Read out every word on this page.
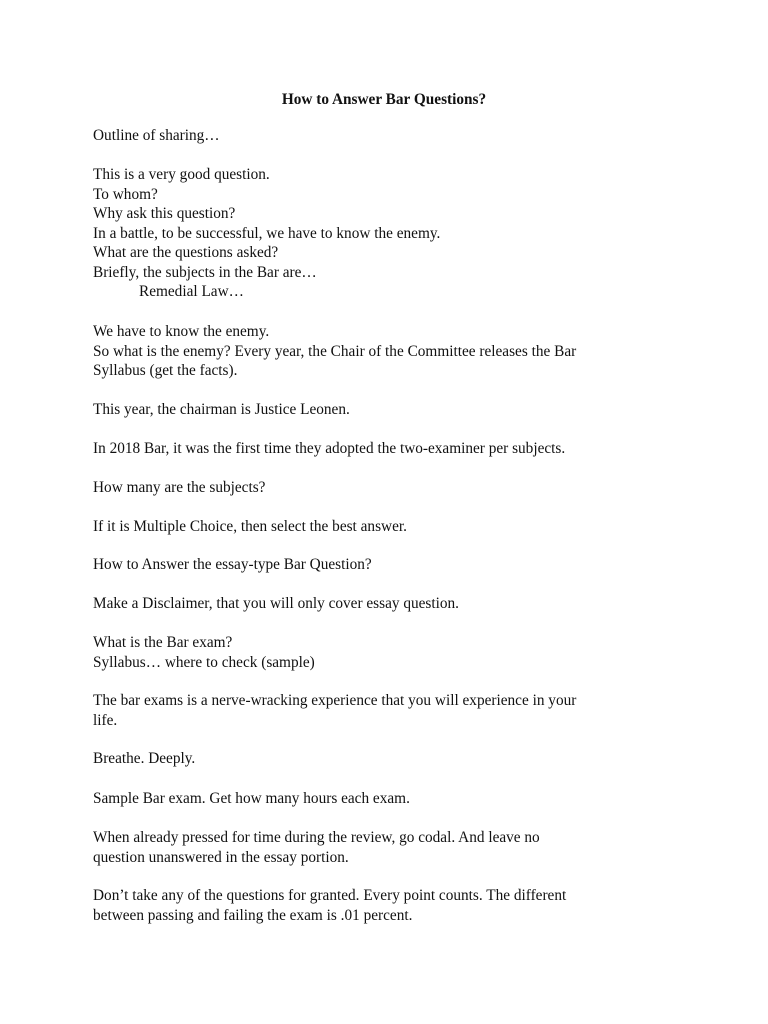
How to Answer Bar Questions?
Outline of sharing…
This is a very good question.
To whom?
Why ask this question?
In a battle, to be successful, we have to know the enemy.
What are the questions asked?
Briefly, the subjects in the Bar are…
Remedial Law…
We have to know the enemy.
So what is the enemy? Every year, the Chair of the Committee releases the Bar
Syllabus (get the facts).
This year, the chairman is Justice Leonen.
In 2018 Bar, it was the first time they adopted the two-examiner per subjects.
How many are the subjects?
If it is Multiple Choice, then select the best answer.
How to Answer the essay-type Bar Question?
Make a Disclaimer, that you will only cover essay question.
What is the Bar exam?
Syllabus… where to check (sample)
The bar exams is a nerve-wracking experience that you will experience in your
life.
Breathe. Deeply.
Sample Bar exam. Get how many hours each exam.
When already pressed for time during the review, go codal. And leave no
question unanswered in the essay portion.
Don’t take any of the questions for granted. Every point counts. The different
between passing and failing the exam is .01 percent.
